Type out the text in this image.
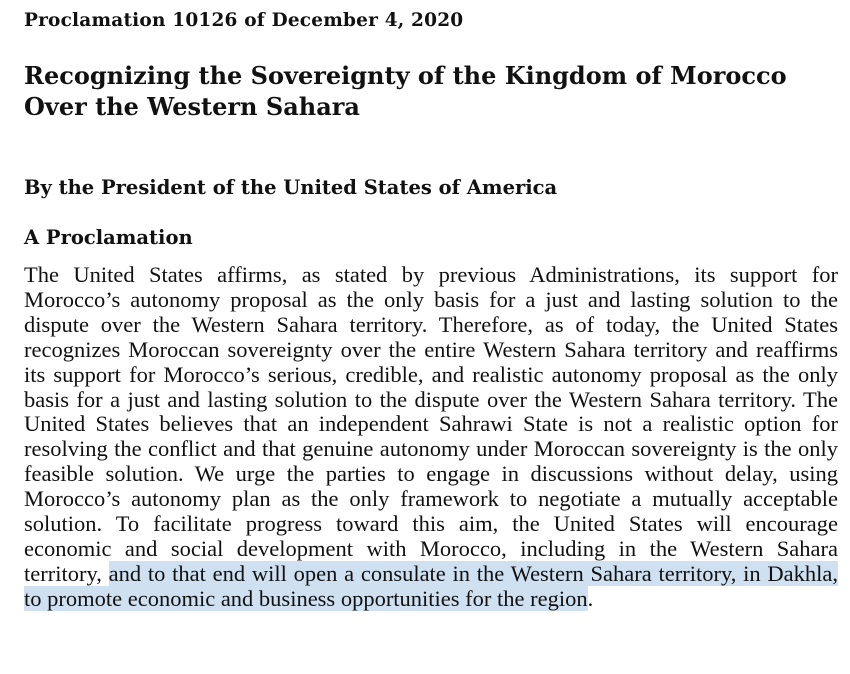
Proclamation 10126 of December 4, 2020
Recognizing the Sovereignty of the Kingdom of Morocco Over the Western Sahara
By the President of the United States of America
A Proclamation

The United States affirms, as stated by previous Administrations, its support for Morocco’s autonomy proposal as the only basis for a just and lasting solution to the dispute over the Western Sahara territory. Therefore, as of today, the United States recognizes Moroccan sovereignty over the entire Western Sahara territory and reaffirms its support for Morocco’s serious, credible, and realistic autonomy proposal as the only basis for a just and lasting solution to the dispute over the Western Sahara territory. The United States believes that an independent Sahrawi State is not a realistic option for resolving the conflict and that genuine autonomy under Moroccan sovereignty is the only feasible solution. We urge the parties to engage in discussions without delay, using Morocco’s autonomy plan as the only framework to negotiate a mutually acceptable solution. To facilitate progress toward this aim, the United States will encourage economic and social development with Morocco, including in the Western Sahara territory, and to that end will open a consulate in the Western Sahara territory, in Dakhla, to promote economic and business opportunities for the region.
